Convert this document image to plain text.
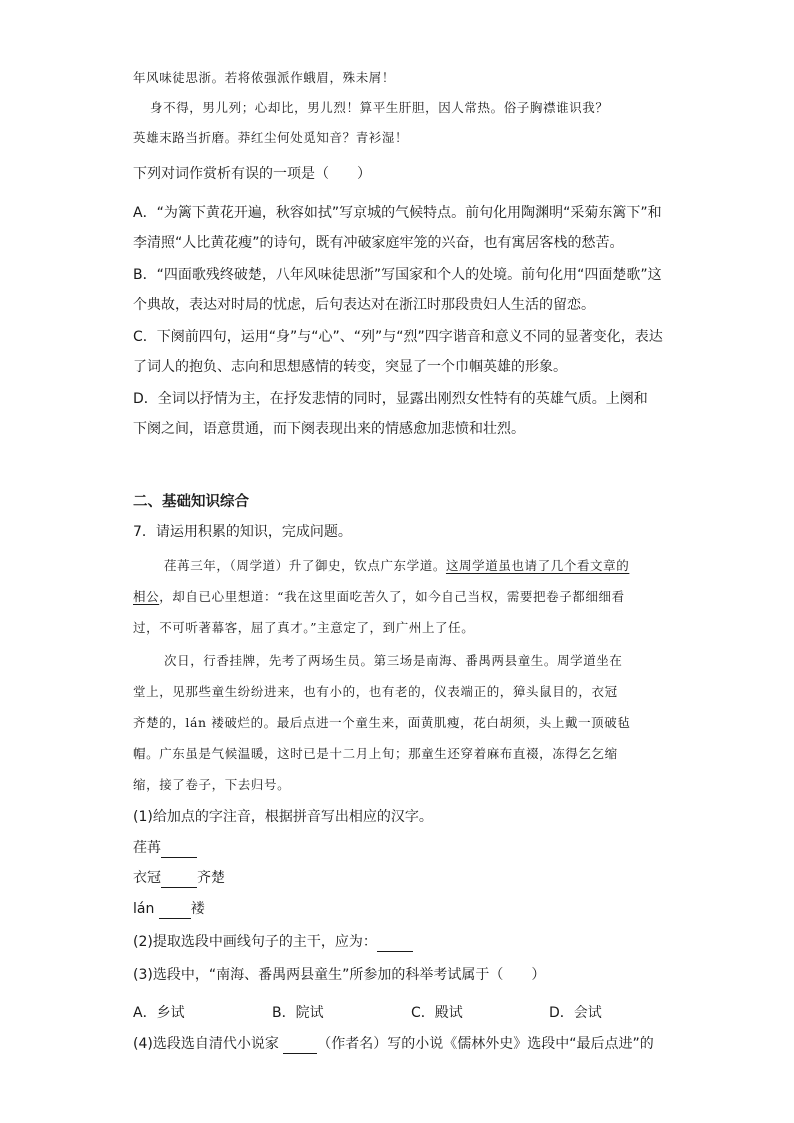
年风味徒思浙。若将侬强派作蛾眉，殊未屑！
身不得，男儿列；心却比，男儿烈！算平生肝胆，因人常热。俗子胸襟谁识我？
英雄末路当折磨。莽红尘何处觅知音？青衫湿！
下列对词作赏析有误的一项是（　　）
A．“为篱下黄花开遍，秋容如拭”写京城的气候特点。前句化用陶渊明“采菊东篱下”和
李清照“人比黄花瘦”的诗句，既有冲破家庭牢笼的兴奋，也有寓居客栈的愁苦。
B．“四面歌残终破楚，八年风味徒思浙”写国家和个人的处境。前句化用“四面楚歌”这
个典故，表达对时局的忧虑，后句表达对在浙江时那段贵妇人生活的留恋。
C．下阕前四句，运用“身”与“心”、“列”与“烈”四字谐音和意义不同的显著变化，表达
了词人的抱负、志向和思想感情的转变，突显了一个巾帼英雄的形象。
D．全词以抒情为主，在抒发悲情的同时，显露出刚烈女性特有的英雄气质。上阕和
下阕之间，语意贯通，而下阕表现出来的情感愈加悲愤和壮烈。
二、基础知识综合
7．请运用积累的知识，完成问题。
荏苒三年，（周学道）升了御史，钦点广东学道。这周学道虽也请了几个看文章的
相公，却自已心里想道：“我在这里面吃苦久了，如今自己当权，需要把卷子都细细看
过，不可听著幕客，屈了真才。”主意定了，到广州上了任。
次日，行香挂牌，先考了两场生员。第三场是南海、番禺两县童生。周学道坐在
堂上，见那些童生纷纷进来，也有小的，也有老的，仪表端正的，獐头鼠目的，衣冠
齐楚的，lán 褛破烂的。最后点进一个童生来，面黄肌瘦，花白胡须，头上戴一顶破毡
帽。广东虽是气候温暖，这时已是十二月上旬；那童生还穿着麻布直裰，冻得乞乞缩
缩，接了卷子，下去归号。
(1)给加点的字注音，根据拼音写出相应的汉字。
荏苒
衣冠	齐楚
lán 褛
(2)提取选段中画线句子的主干，应为：
(3)选段中，“南海、番禺两县童生”所参加的科举考试属于（　　）
A．乡试	B．院试	C．殿试	D．会试
(4)选段选自清代小说家 （作者名）写的小说《儒林外史》选段中“最后点进”的
